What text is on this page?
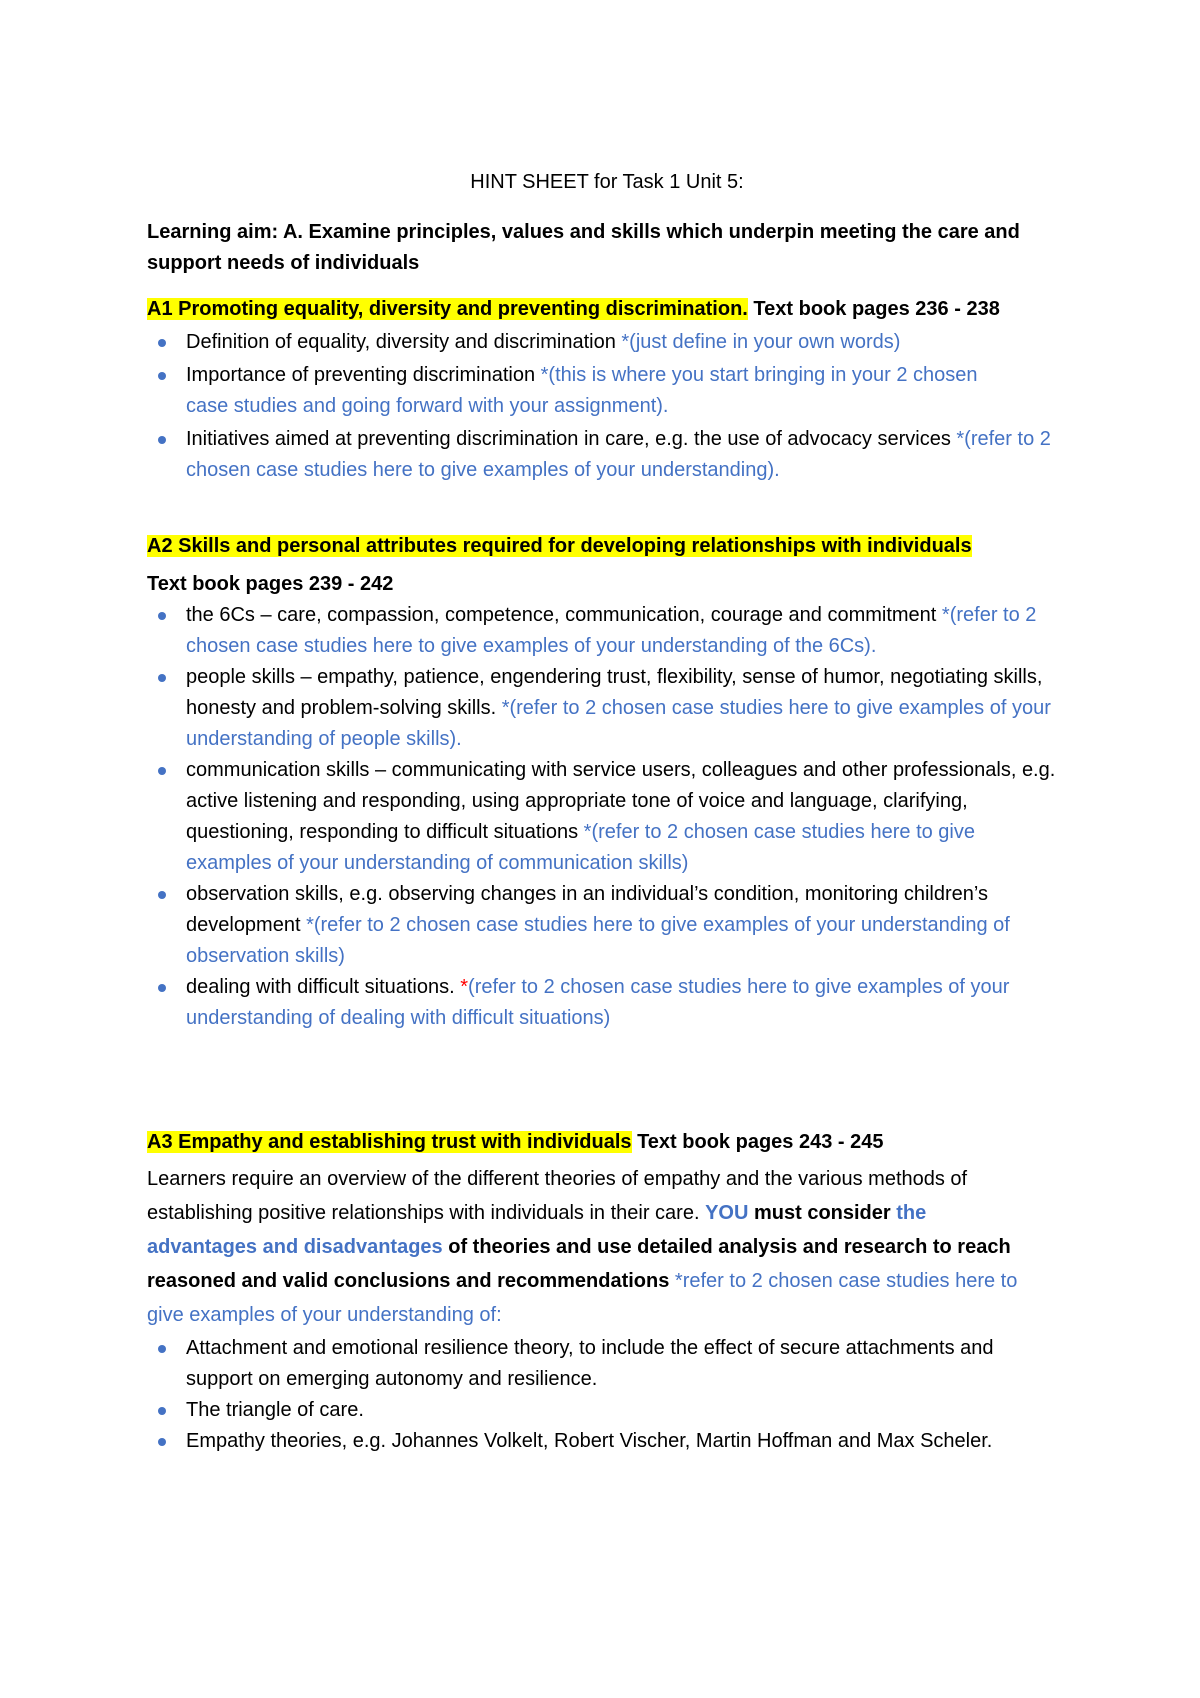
HINT SHEET for Task 1 Unit 5:
Learning aim: A. Examine principles, values and skills which underpin meeting the care and support needs of individuals
A1 Promoting equality, diversity and preventing discrimination. Text book pages 236 - 238
Definition of equality, diversity and discrimination *(just define in your own words)
Importance of preventing discrimination *(this is where you start bringing in your 2 chosen case studies and going forward with your assignment).
Initiatives aimed at preventing discrimination in care, e.g. the use of advocacy services *(refer to 2 chosen case studies here to give examples of your understanding).
A2 Skills and personal attributes required for developing relationships with individuals
Text book pages 239 - 242
the 6Cs – care, compassion, competence, communication, courage and commitment *(refer to 2 chosen case studies here to give examples of your understanding of the 6Cs).
people skills – empathy, patience, engendering trust, flexibility, sense of humor, negotiating skills, honesty and problem-solving skills. *(refer to 2 chosen case studies here to give examples of your understanding of people skills).
communication skills – communicating with service users, colleagues and other professionals, e.g. active listening and responding, using appropriate tone of voice and language, clarifying, questioning, responding to difficult situations *(refer to 2 chosen case studies here to give examples of your understanding of communication skills)
observation skills, e.g. observing changes in an individual’s condition, monitoring children’s development *(refer to 2 chosen case studies here to give examples of your understanding of observation skills)
dealing with difficult situations. *(refer to 2 chosen case studies here to give examples of your understanding of dealing with difficult situations)
A3 Empathy and establishing trust with individuals Text book pages 243 - 245
Learners require an overview of the different theories of empathy and the various methods of establishing positive relationships with individuals in their care. YOU must consider the advantages and disadvantages of theories and use detailed analysis and research to reach reasoned and valid conclusions and recommendations *refer to 2 chosen case studies here to give examples of your understanding of:
Attachment and emotional resilience theory, to include the effect of secure attachments and support on emerging autonomy and resilience.
The triangle of care.
Empathy theories, e.g. Johannes Volkelt, Robert Vischer, Martin Hoffman and Max Scheler.
